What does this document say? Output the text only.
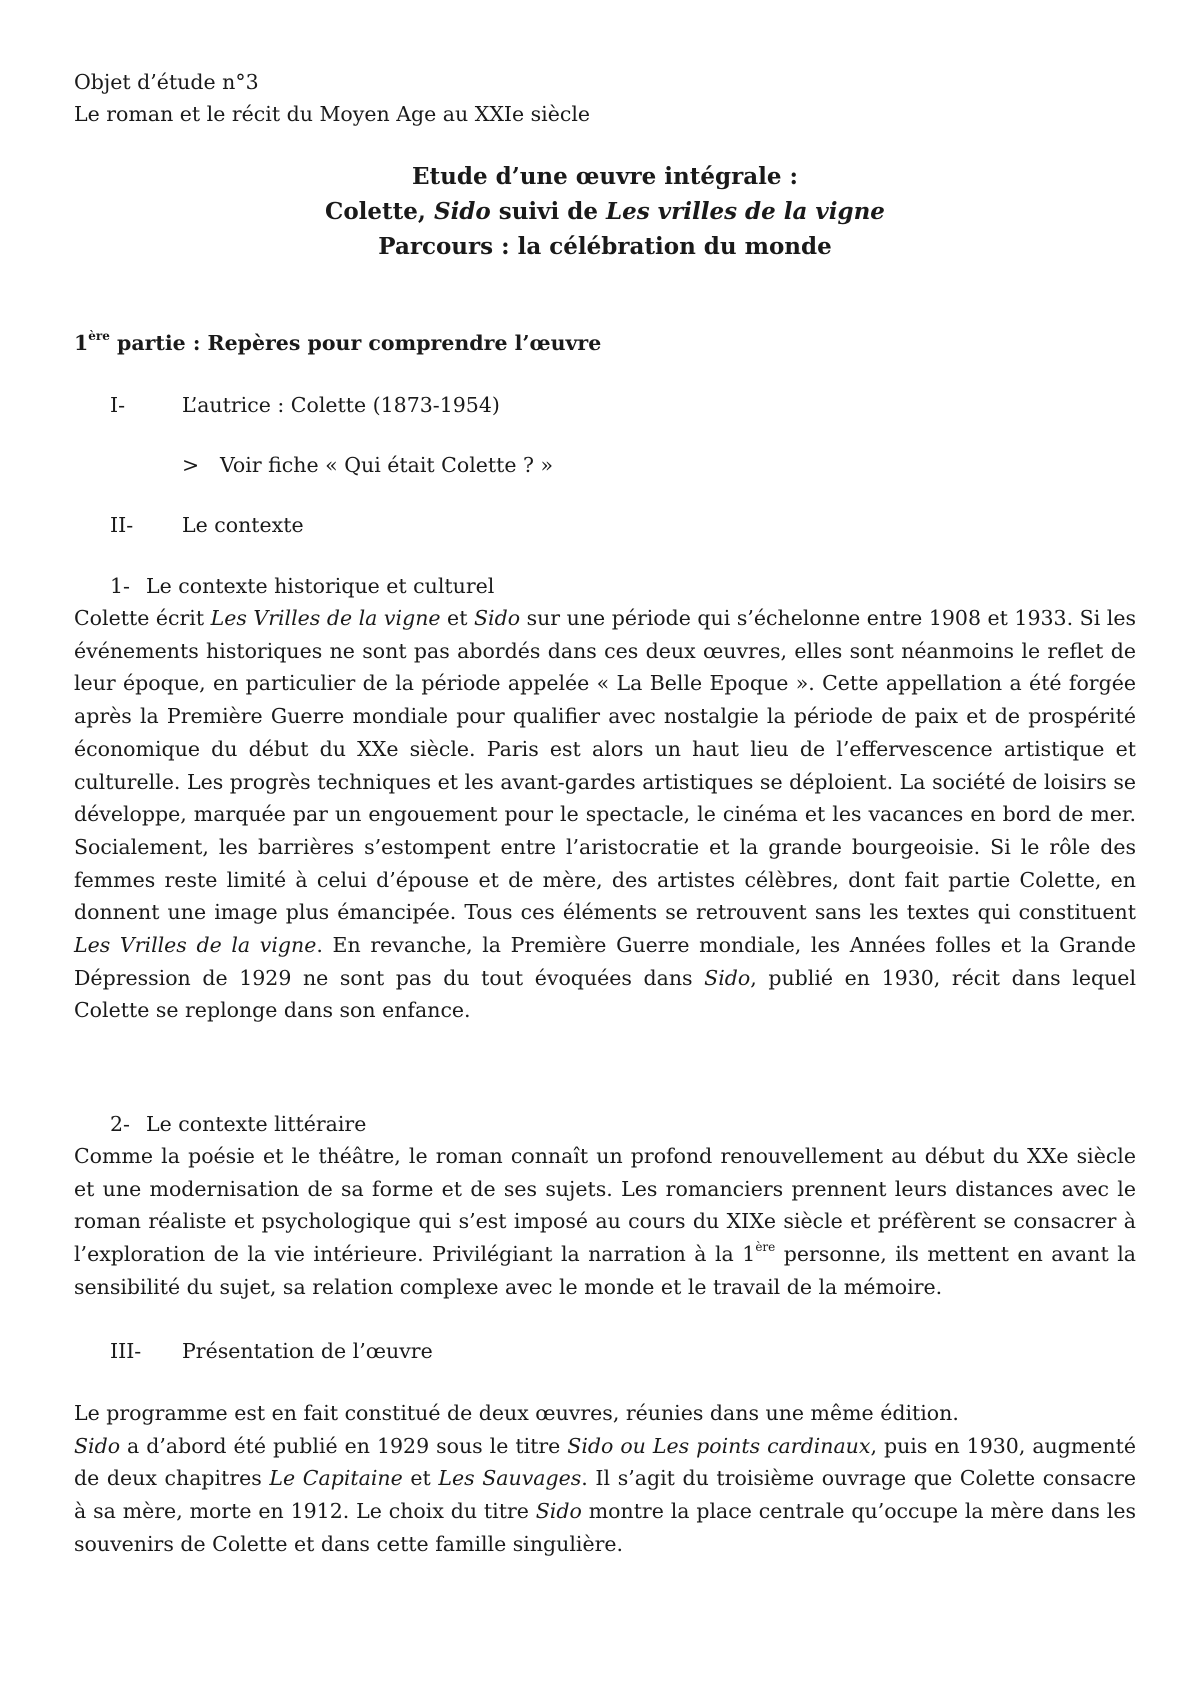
Objet d’étude n°3
Le roman et le récit du Moyen Age au XXIe siècle
Etude d’une œuvre intégrale :
Colette, Sido suivi de Les vrilles de la vigne
Parcours : la célébration du monde
1ère partie : Repères pour comprendre l’œuvre
I-	L’autrice : Colette (1873-1954)
>	Voir fiche « Qui était Colette ? »
II-	Le contexte
1- Le contexte historique et culturel

Colette écrit Les Vrilles de la vigne et Sido sur une période qui s’échelonne entre 1908 et 1933. Si les événements historiques ne sont pas abordés dans ces deux œuvres, elles sont néanmoins le reflet de leur époque, en particulier de la période appelée « La Belle Epoque ». Cette appellation a été forgée après la Première Guerre mondiale pour qualifier avec nostalgie la période de paix et de prospérité économique du début du XXe siècle. Paris est alors un haut lieu de l’effervescence artistique et culturelle. Les progrès techniques et les avant-gardes artistiques se déploient. La société de loisirs se développe, marquée par un engouement pour le spectacle, le cinéma et les vacances en bord de mer. Socialement, les barrières s’estompent entre l’aristocratie et la grande bourgeoisie. Si le rôle des femmes reste limité à celui d’épouse et de mère, des artistes célèbres, dont fait partie Colette, en donnent une image plus émancipée. Tous ces éléments se retrouvent sans les textes qui constituent Les Vrilles de la vigne. En revanche, la Première Guerre mondiale, les Années folles et la Grande Dépression de 1929 ne sont pas du tout évoquées dans Sido, publié en 1930, récit dans lequel Colette se replonge dans son enfance.

2- Le contexte littéraire

Comme la poésie et le théâtre, le roman connaît un profond renouvellement au début du XXe siècle et une modernisation de sa forme et de ses sujets. Les romanciers prennent leurs distances avec le roman réaliste et psychologique qui s’est imposé au cours du XIXe siècle et préfèrent se consacrer à l’exploration de la vie intérieure. Privilégiant la narration à la 1ère personne, ils mettent en avant la sensibilité du sujet, sa relation complexe avec le monde et le travail de la mémoire.

III-	Présentation de l’œuvre

Le programme est en fait constitué de deux œuvres, réunies dans une même édition.

Sido a d’abord été publié en 1929 sous le titre Sido ou Les points cardinaux, puis en 1930, augmenté de deux chapitres Le Capitaine et Les Sauvages. Il s’agit du troisième ouvrage que Colette consacre à sa mère, morte en 1912. Le choix du titre Sido montre la place centrale qu’occupe la mère dans les souvenirs de Colette et dans cette famille singulière.
